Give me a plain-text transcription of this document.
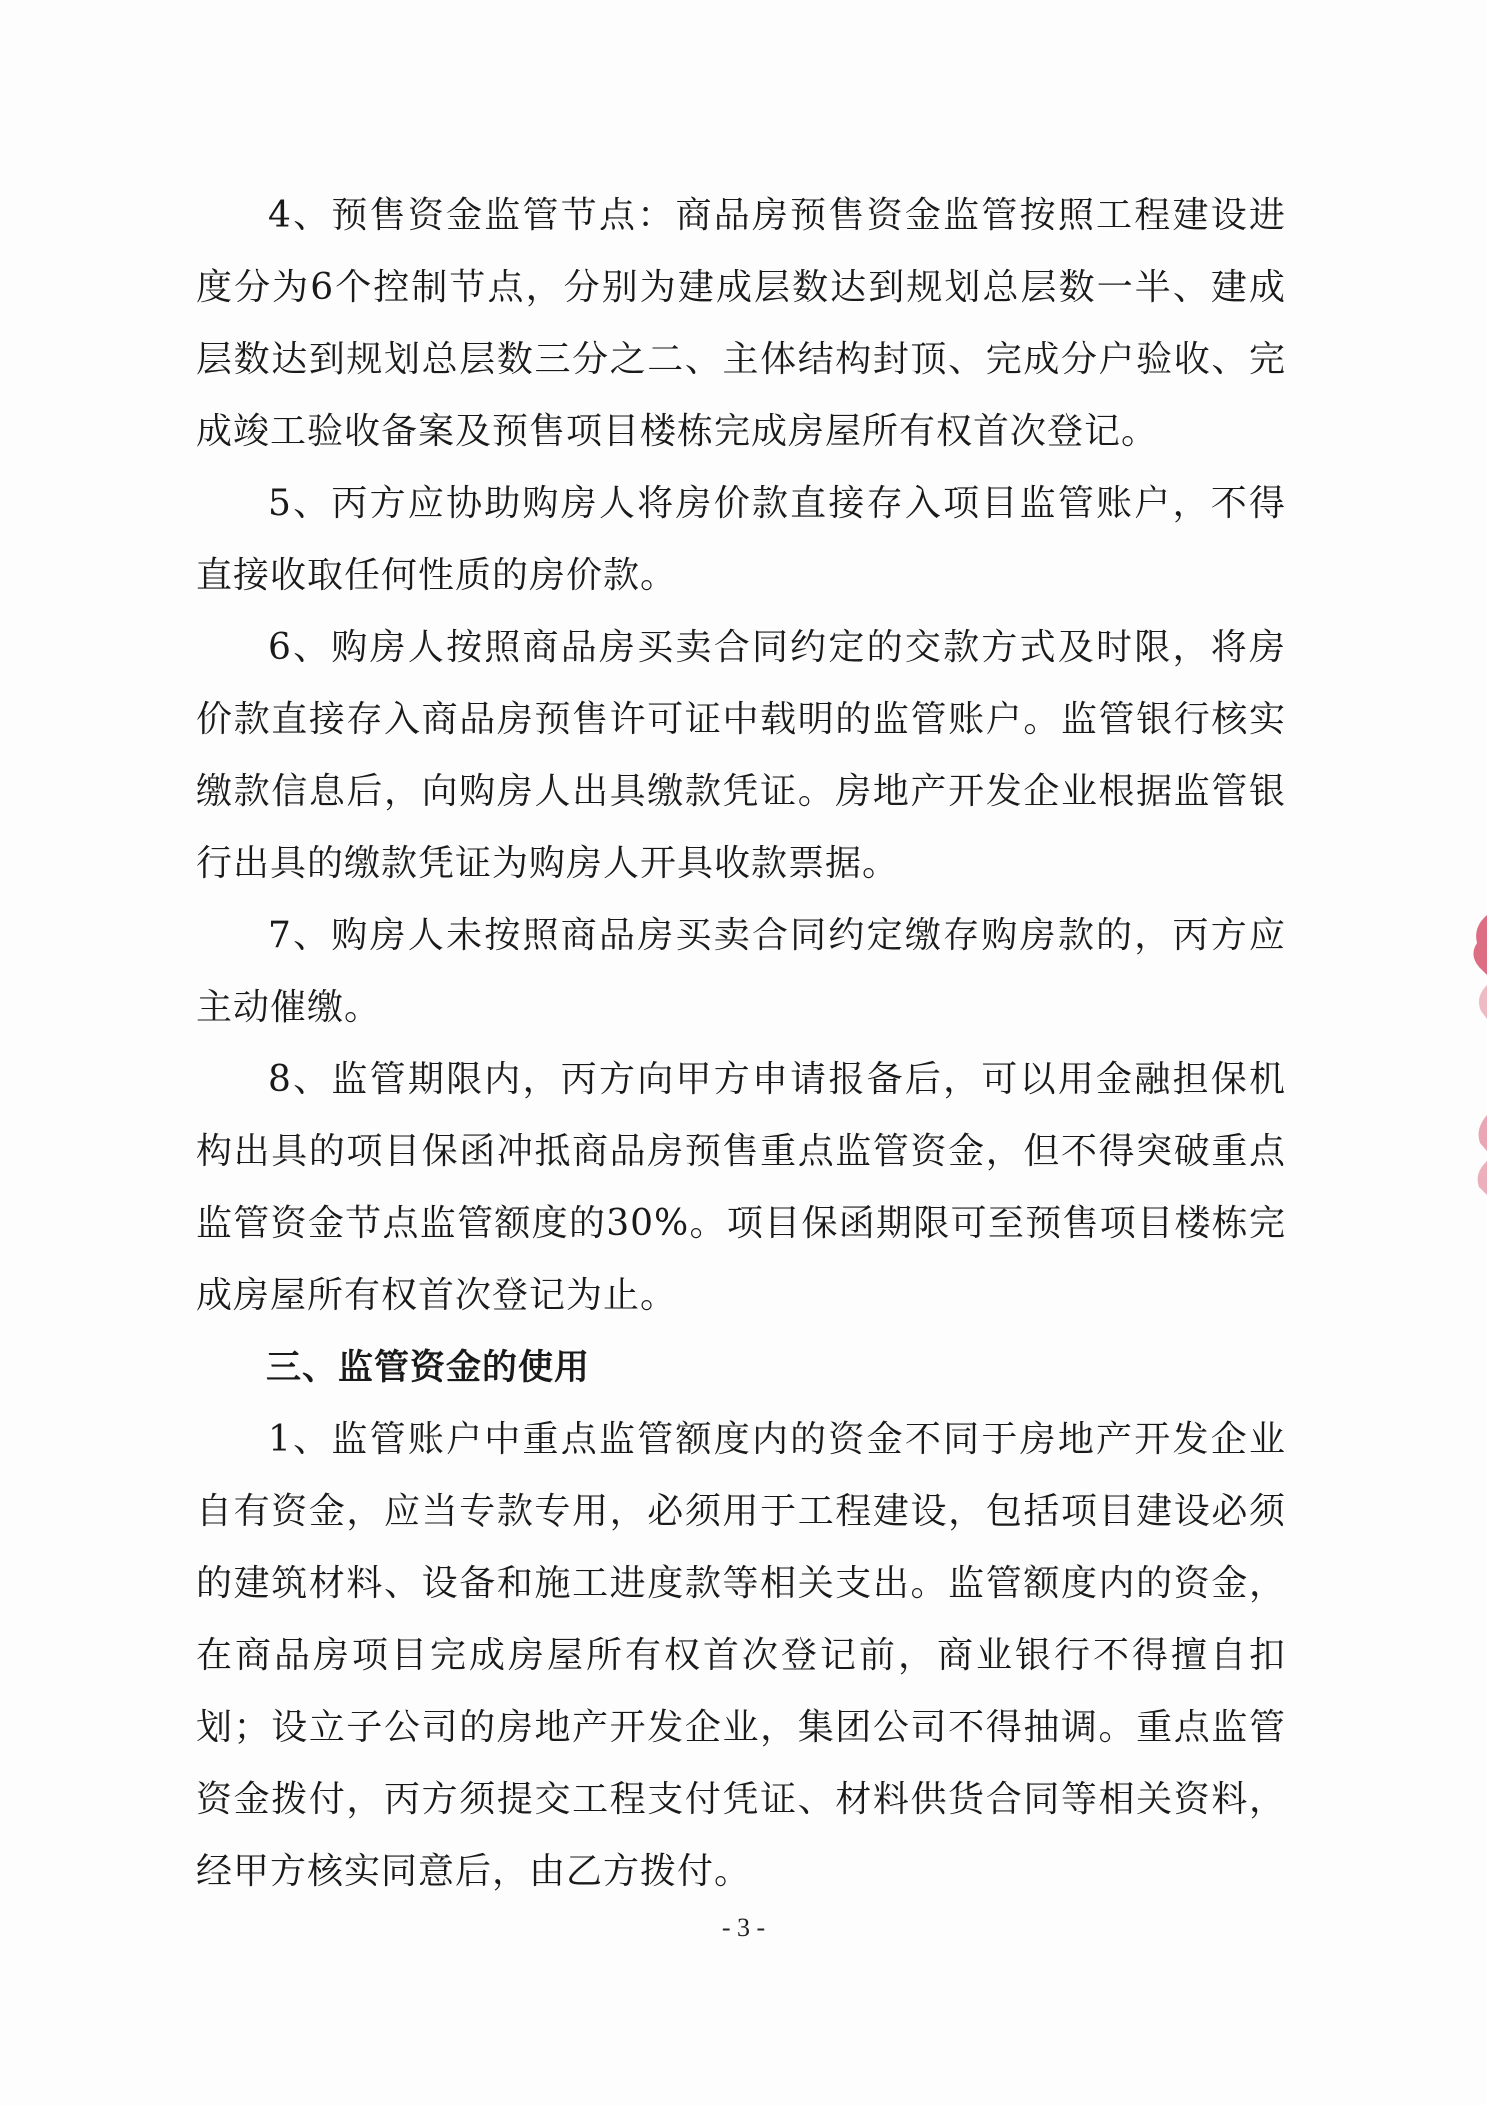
4、预售资金监管节点：商品房预售资金监管按照工程建设进度分为6个控制节点，分别为建成层数达到规划总层数一半、建成层数达到规划总层数三分之二、主体结构封顶、完成分户验收、完成竣工验收备案及预售项目楼栋完成房屋所有权首次登记。

5、丙方应协助购房人将房价款直接存入项目监管账户，不得直接收取任何性质的房价款。

6、购房人按照商品房买卖合同约定的交款方式及时限，将房价款直接存入商品房预售许可证中载明的监管账户。监管银行核实缴款信息后，向购房人出具缴款凭证。房地产开发企业根据监管银行出具的缴款凭证为购房人开具收款票据。

7、购房人未按照商品房买卖合同约定缴存购房款的，丙方应主动催缴。

8、监管期限内，丙方向甲方申请报备后，可以用金融担保机构出具的项目保函冲抵商品房预售重点监管资金，但不得突破重点监管资金节点监管额度的30%。项目保函期限可至预售项目楼栋完成房屋所有权首次登记为止。

三、监管资金的使用

1、监管账户中重点监管额度内的资金不同于房地产开发企业自有资金，应当专款专用，必须用于工程建设，包括项目建设必须的建筑材料、设备和施工进度款等相关支出。监管额度内的资金，在商品房项目完成房屋所有权首次登记前，商业银行不得擅自扣划；设立子公司的房地产开发企业，集团公司不得抽调。重点监管资金拨付，丙方须提交工程支付凭证、材料供货合同等相关资料，经甲方核实同意后，由乙方拨付。

- 3 -
